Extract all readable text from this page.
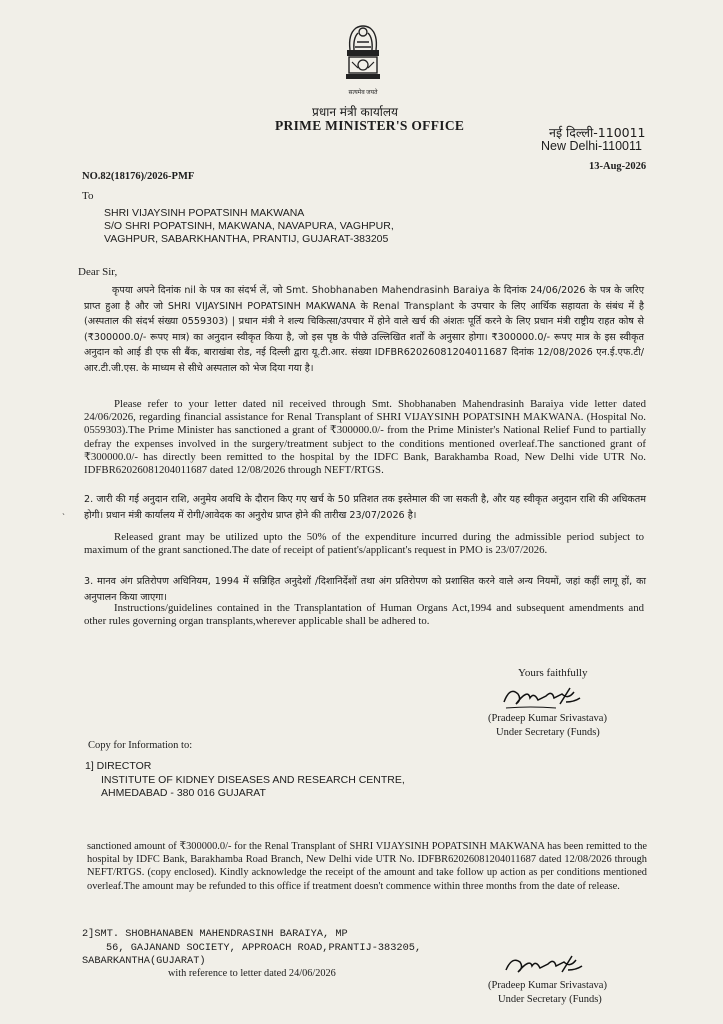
सत्यमेव जयते
प्रधान मंत्री कार्यालय
PRIME MINISTER'S OFFICE	नई दिल्ली-110011
New Delhi-110011
13-Aug-2026
NO.82(18176)/2026-PMF
To
SHRI VIJAYSINH POPATSINH MAKWANA
S/O SHRI POPATSINH, MAKWANA, NAVAPURA, VAGHPUR,
VAGHPUR, SABARKHANTHA, PRANTIJ, GUJARAT-383205
Dear Sir,
कृपया अपने दिनांक nil के पत्र का संदर्भ लें, जो Smt. Shobhanaben Mahendrasinh Baraiya के दिनांक 24/06/2026 के पत्र के जरिए प्राप्त हुआ है और जो SHRI VIJAYSINH POPATSINH MAKWANA के Renal Transplant के उपचार के लिए आर्थिक सहायता के संबंध में है (अस्पताल की संदर्भ संख्या 0559303) | प्रधान मंत्री ने शल्य चिकित्सा/उपचार में होने वाले खर्च की अंशतः पूर्ति करने के लिए प्रधान मंत्री राष्ट्रीय राहत कोष से (₹300000.0/- रूपए मात्र) का अनुदान स्वीकृत किया है, जो इस पृष्ठ के पीछे उल्लिखित शर्तों के अनुसार होगा। ₹300000.0/- रूपए मात्र के इस स्वीकृत अनुदान को आई डी एफ सी बैंक, बाराखंबा रोड, नई दिल्ली द्वारा यू.टी.आर. संख्या IDFBR62026081204011687 दिनांक 12/08/2026 एन.ई.एफ.टी/आर.टी.जी.एस. के माध्यम से सीधे अस्पताल को भेज दिया गया है।
Please refer to your letter dated nil received through Smt. Shobhanaben Mahendrasinh Baraiya vide letter dated 24/06/2026, regarding financial assistance for Renal Transplant of SHRI VIJAYSINH POPATSINH MAKWANA. (Hospital No. 0559303).The Prime Minister has sanctioned a grant of ₹300000.0/- from the Prime Minister's National Relief Fund to partially defray the expenses involved in the surgery/treatment subject to the conditions mentioned overleaf.The sanctioned grant of ₹300000.0/- has directly been remitted to the hospital by the IDFC Bank, Barakhamba Road, New Delhi vide UTR No. IDFBR62026081204011687 dated 12/08/2026 through NEFT/RTGS.
`
2. जारी की गई अनुदान राशि, अनुमेय अवधि के दौरान किए गए खर्च के 50 प्रतिशत तक इस्तेमाल की जा सकती है, और यह स्वीकृत अनुदान राशि की अधिकतम होगी। प्रधान मंत्री कार्यालय में रोगी/आवेदक का अनुरोध प्राप्त होने की तारीख 23/07/2026 है।
Released grant may be utilized upto the 50% of the expenditure incurred during the admissible period subject to maximum of the grant sanctioned.The date of receipt of patient's/applicant's request in PMO is 23/07/2026.
3. मानव अंग प्रतिरोपण अधिनियम, 1994 में सन्निहित अनुदेशों /दिशानिर्देशों तथा अंग प्रतिरोपण को प्रशासित करने वाले अन्य नियमों, जहां कहीं लागू हों, का अनुपालन किया जाएगा।
Instructions/guidelines contained in the Transplantation of Human Organs Act,1994 and subsequent amendments and other rules governing organ transplants,wherever applicable shall be adhered to.
Yours faithfully
(Pradeep Kumar Srivastava)
Under Secretary (Funds)
Copy for Information to:
1] DIRECTOR
INSTITUTE OF KIDNEY DISEASES AND RESEARCH CENTRE,
AHMEDABAD - 380 016 GUJARAT
sanctioned amount of ₹300000.0/- for the Renal Transplant of SHRI VIJAYSINH POPATSINH MAKWANA has been remitted to the hospital by IDFC Bank, Barakhamba Road Branch, New Delhi vide UTR No. IDFBR62026081204011687 dated 12/08/2026 through NEFT/RTGS. (copy enclosed). Kindly acknowledge the receipt of the amount and take follow up action as per conditions mentioned overleaf.The amount may be refunded to this office if treatment doesn't commence within three months from the date of release.
2]SMT. SHOBHANABEN MAHENDRASINH BARAIYA, MP
56, GAJANAND SOCIETY, APPROACH ROAD,PRANTIJ-383205,
SABARKANTHA(GUJARAT)
with reference to letter dated 24/06/2026
(Pradeep Kumar Srivastava)
Under Secretary (Funds)
